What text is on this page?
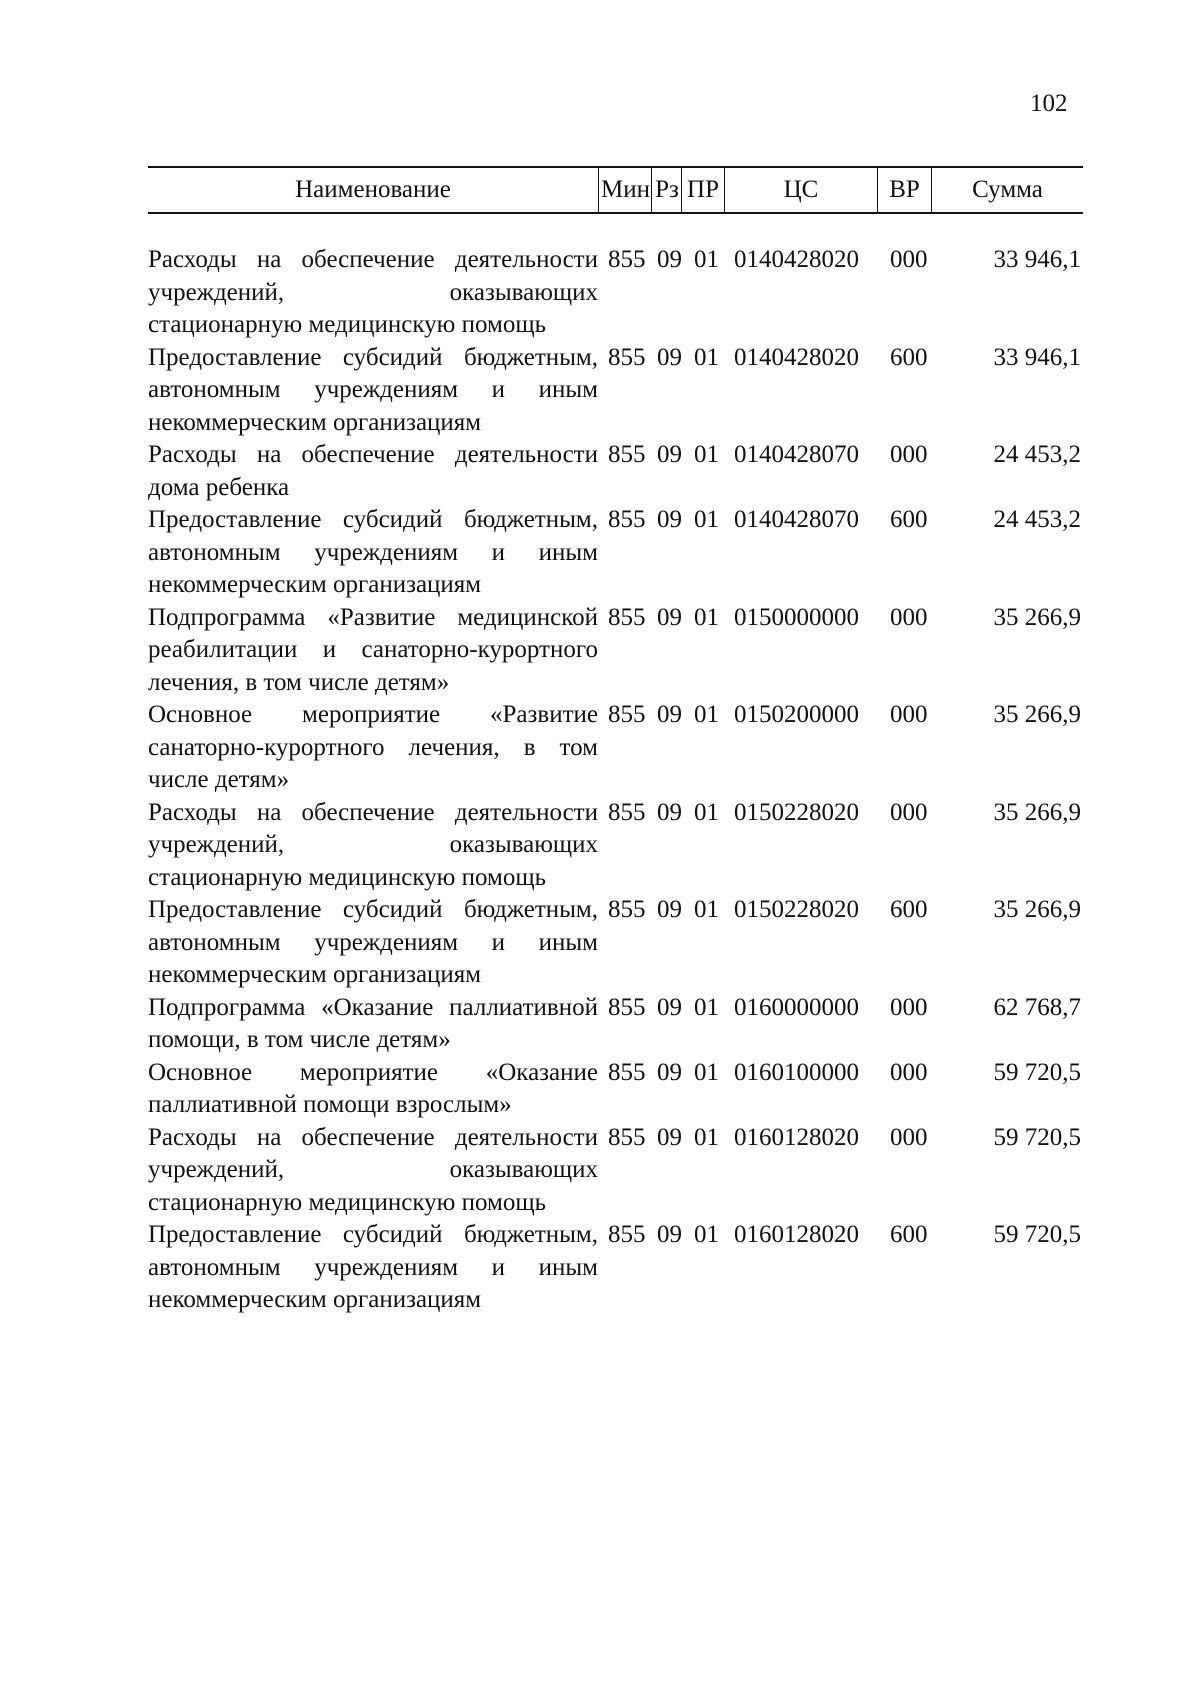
102
Наименование	Мин Рз ПР	ЦС	ВР	Сумма
Расходы на обеспечение деятельности учреждений, оказывающих стационарную медицинскую помощь
855 09 01 0140428020 000	33 946,1
Предоставление субсидий бюджетным, автономным учреждениям и иным некоммерческим организациям
855 09 01 0140428020 600	33 946,1
Расходы на обеспечение деятельности дома ребенка
855 09 01 0140428070 000	24 453,2
Предоставление субсидий бюджетным, автономным учреждениям и иным некоммерческим организациям
855 09 01 0140428070 600	24 453,2
Подпрограмма «Развитие медицинской реабилитации и санаторно-курортного лечения, в том числе детям»
855 09 01 0150000000 000	35 266,9
Основное мероприятие «Развитие санаторно-курортного лечения, в том числе детям»
855 09 01 0150200000 000	35 266,9
Расходы на обеспечение деятельности учреждений, оказывающих стационарную медицинскую помощь
855 09 01 0150228020 000	35 266,9
Предоставление субсидий бюджетным, автономным учреждениям и иным некоммерческим организациям
855 09 01 0150228020 600	35 266,9
Подпрограмма «Оказание паллиативной помощи, в том числе детям»
855 09 01 0160000000 000	62 768,7
Основное мероприятие «Оказание паллиативной помощи взрослым»
855 09 01 0160100000 000	59 720,5
Расходы на обеспечение деятельности учреждений, оказывающих стационарную медицинскую помощь
855 09 01 0160128020 000	59 720,5
Предоставление субсидий бюджетным, автономным учреждениям и иным некоммерческим организациям
855 09 01 0160128020 600	59 720,5
